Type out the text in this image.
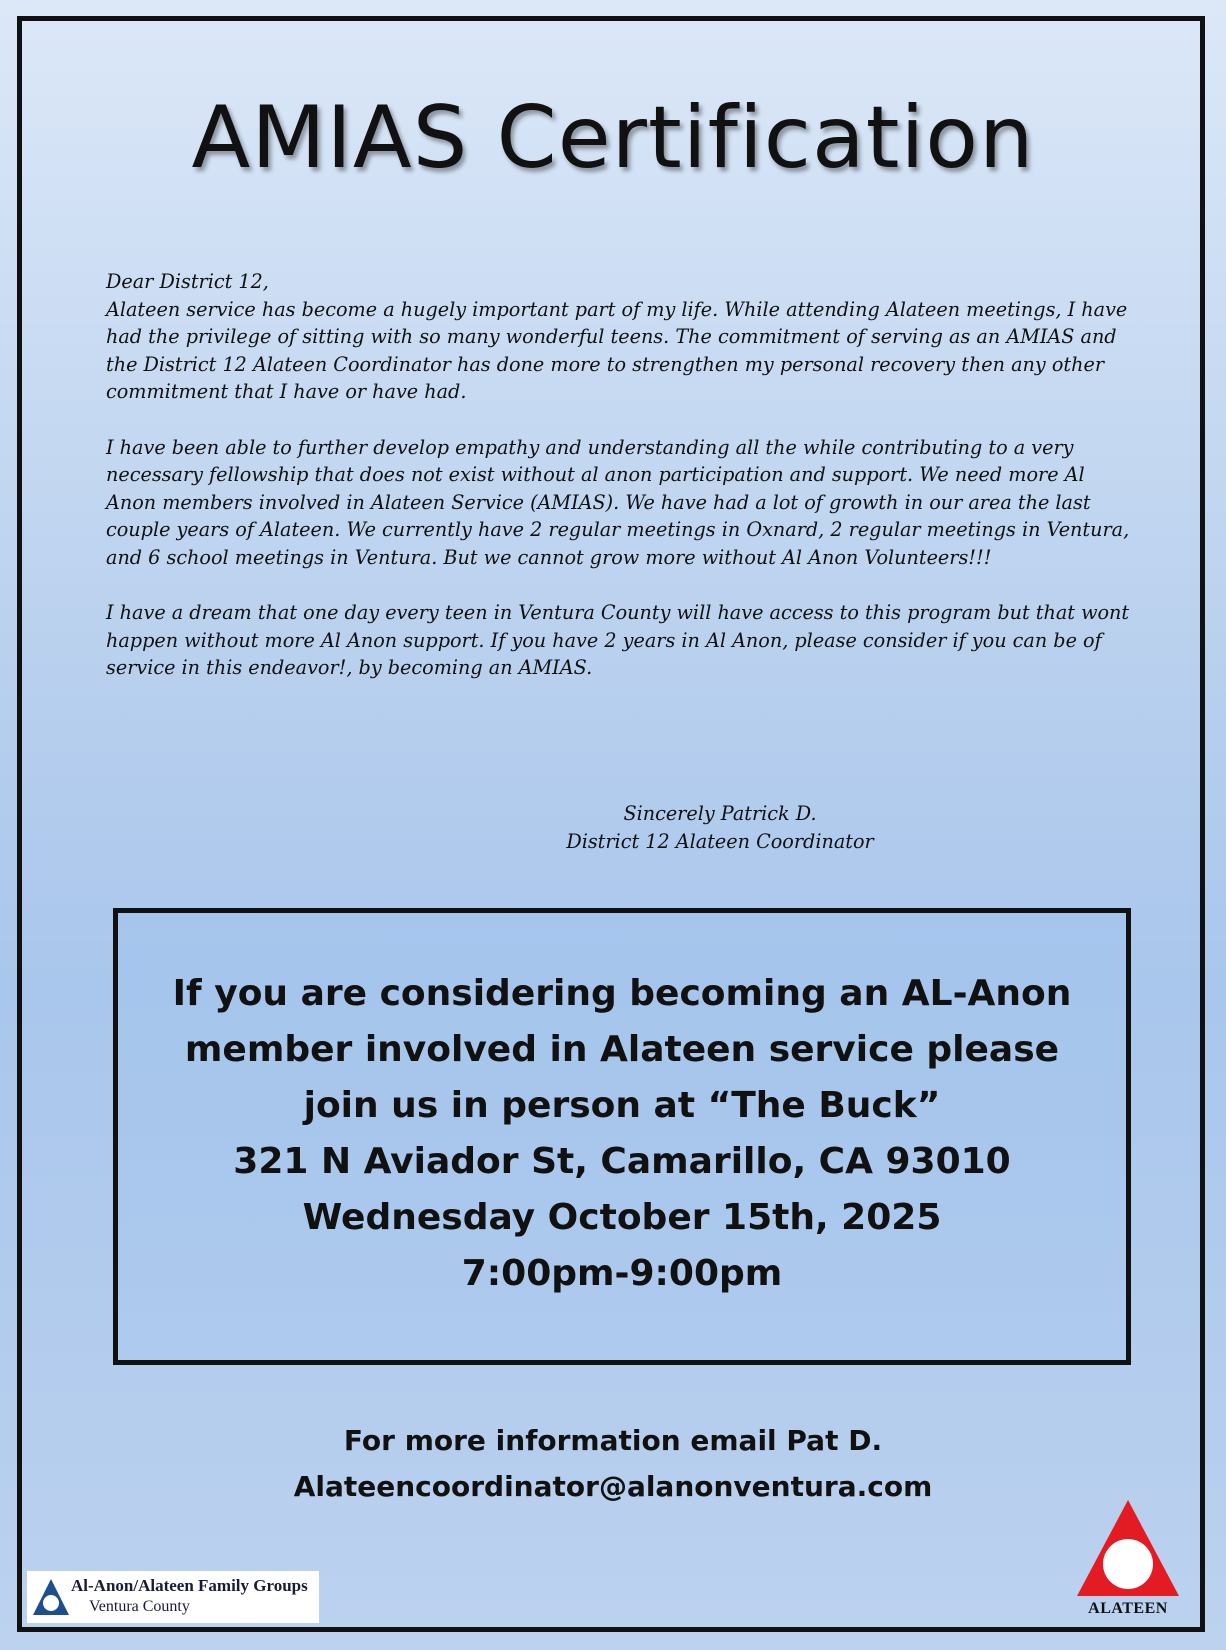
AMIAS Certification

Dear District 12,

Alateen service has become a hugely important part of my life. While attending Alateen meetings, I have had the privilege of sitting with so many wonderful teens. The commitment of serving as an AMIAS and the District 12 Alateen Coordinator has done more to strengthen my personal recovery then any other commitment that I have or have had.

I have been able to further develop empathy and understanding all the while contributing to a very necessary fellowship that does not exist without al anon participation and support. We need more Al Anon members involved in Alateen Service (AMIAS). We have had a lot of growth in our area the last couple years of Alateen. We currently have 2 regular meetings in Oxnard, 2 regular meetings in Ventura, and 6 school meetings in Ventura. But we cannot grow more without Al Anon Volunteers!!!

I have a dream that one day every teen in Ventura County will have access to this program but that wont happen without more Al Anon support. If you have 2 years in Al Anon, please consider if you can be of service in this endeavor!, by becoming an AMIAS.

Sincerely Patrick D.
District 12 Alateen Coordinator
If you are considering becoming an AL-Anon
member involved in Alateen service please
join us in person at “The Buck”
321 N Aviador St, Camarillo, CA 93010
Wednesday October 15th, 2025
7:00pm-9:00pm
For more information email Pat D.
Alateencoordinator@alanonventura.com
Al-Anon/Alateen Family Groups
Ventura County	ALATEEN
